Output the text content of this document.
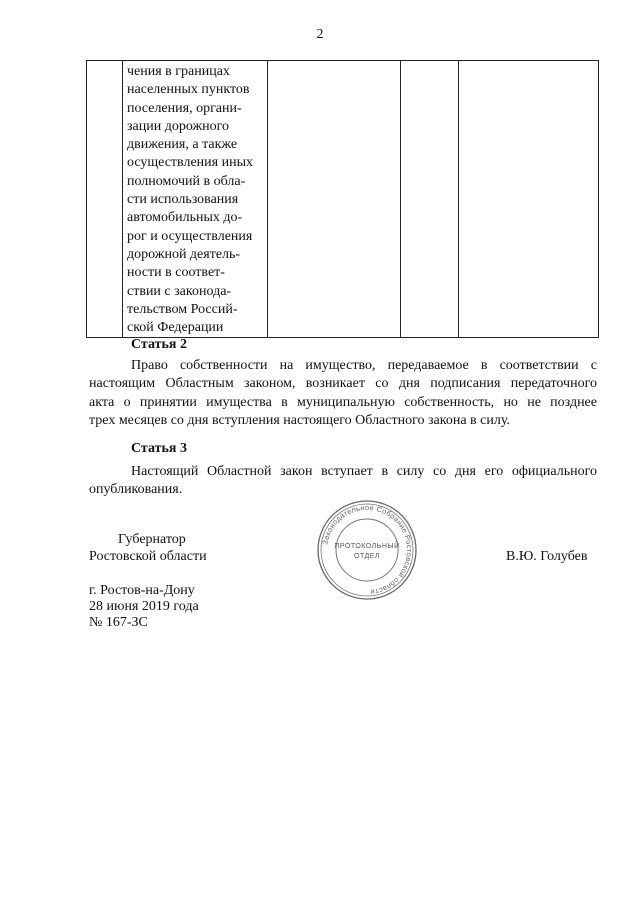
2

чения в границах
населенных пунктов
поселения, органи-
зации дорожного
движения, а также
осуществления иных
полномочий в обла-
сти использования
автомобильных до-
рог и осуществления
дорожной деятель-
ности в соответ-
ствии с законода-
тельством Россий-
ской Федерации

Статья 2
Право собственности на имущество, передаваемое в соответствии с
настоящим Областным законом, возникает со дня подписания передаточного
акта о принятии имущества в муниципальную собственность, но не позднее
трех месяцев со дня вступления настоящего Областного закона в силу.
Статья 3
Настоящий Областной закон вступает в силу со дня его официального
опубликования.
Губернатор
Ростовской области	В.Ю. Голубев
г. Ростов-на-Дону
28 июня 2019 года
№ 167-ЗС
Законодательное Собрание Ростовской области
ПРОТОКОЛЬНЫЙ
ОТДЕЛ
